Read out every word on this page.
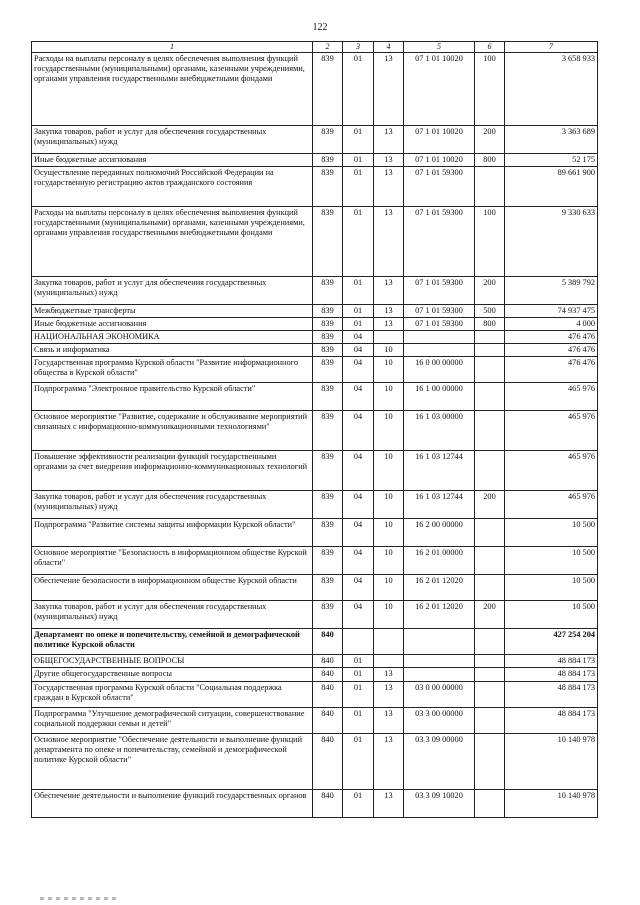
122
1	2	3	4	5	6	7
Расходы на выплаты персоналу в целях обеспечения выполнения функций государственными (муниципальными) органами, казенными учреждениями, органами управления государственными внебюджетными фондами	839	01	13	07 1 01 10020	100	3 658 933
Закупка товаров, работ и услуг для обеспечения государственных (муниципальных) нужд	839	01	13	07 1 01 10020	200	3 363 689
Иные бюджетные ассигнования	839	01	13	07 1 01 10020	800	52 175
Осуществление переданных полномочий Российской Федерации на государственную регистрацию актов гражданского состояния	839	01	13	07 1 01 59300		89 661 900
Расходы на выплаты персоналу в целях обеспечения выполнения функций государственными (муниципальными) органами, казенными учреждениями, органами управления государственными внебюджетными фондами	839	01	13	07 1 01 59300	100	9 330 633
Закупка товаров, работ и услуг для обеспечения государственных (муниципальных) нужд	839	01	13	07 1 01 59300	200	5 389 792
Межбюджетные трансферты	839	01	13	07 1 01 59300	500	74 937 475
Иные бюджетные ассигнования	839	01	13	07 1 01 59300	800	4 000
НАЦИОНАЛЬНАЯ ЭКОНОМИКА	839	04				476 476
Связь и информатика	839	04	10			476 476
Государственная программа Курской области "Развитие информационного общества в Курской области"	839	04	10	16 0 00 00000		476 476
Подпрограмма "Электронное правительство Курской области"	839	04	10	16 1 00 00000		465 976
Основное мероприятие "Развитие, содержание и обслуживание мероприятий связанных с информационно-коммуникационными технологиями"	839	04	10	16 1 03 00000		465 976
Повышение эффективности реализации функций государственными органами за счет внедрения информационно-коммуникационных технологий	839	04	10	16 1 03 12744		465 976
Закупка товаров, работ и услуг для обеспечения государственных (муниципальных) нужд	839	04	10	16 1 03 12744	200	465 976
Подпрограмма "Развитие системы защиты информации Курской области"	839	04	10	16 2 00 00000		10 500
Основное мероприятие "Безопасность в информационном обществе Курской области"	839	04	10	16 2 01 00000		10 500
Обеспечение безопасности в информационном обществе Курской области	839	04	10	16 2 01 12020		10 500
Закупка товаров, работ и услуг для обеспечения государственных (муниципальных) нужд	839	04	10	16 2 01 12020	200	10 500
Департамент по опеке и попечительству, семейной и демографической политике Курской области	840					427 254 204
ОБЩЕГОСУДАРСТВЕННЫЕ ВОПРОСЫ	840	01				48 884 173
Другие общегосударственные вопросы	840	01	13			48 884 173
Государственная программа Курской области "Социальная поддержка граждан в Курской области"	840	01	13	03 0 00 00000		48 884 173
Подпрограмма "Улучшение демографической ситуации, совершенствование социальной поддержки семьи и детей"	840	01	13	03 3 00 00000		48 884 173
Основное мероприятие "Обеспечение деятельности и выполнение функций департамента по опеке и попечительству, семейной и демографической политике Курской области"	840	01	13	03 3 09 00000		10 140 978
Обеспечение деятельности и выполнение функций государственных органов	840	01	13	03 3 09 10020		10 140 978
